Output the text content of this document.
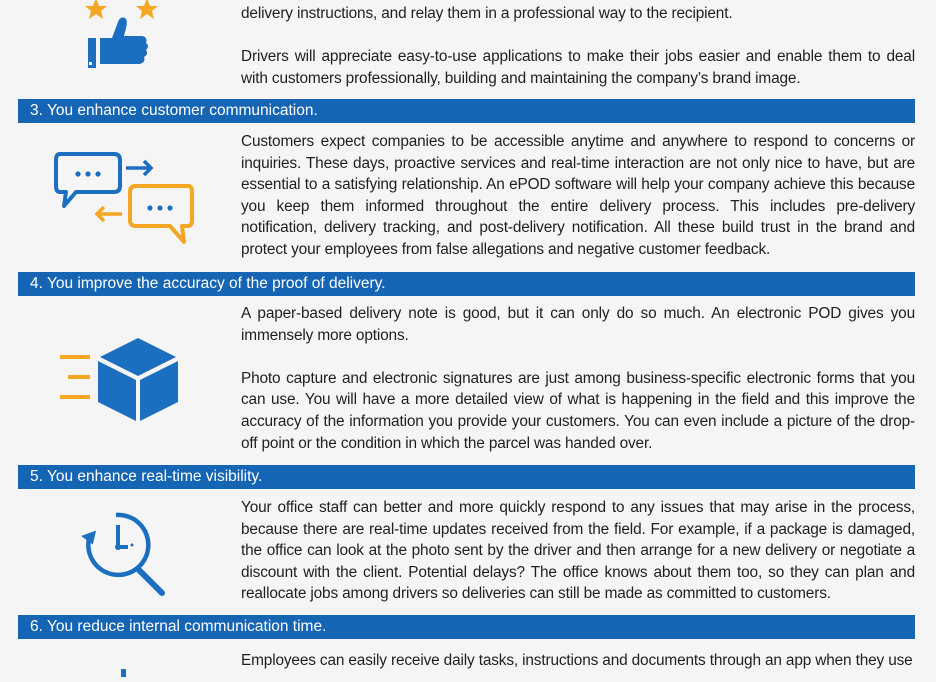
delivery instructions, and relay them in a professional way to the recipient.

Drivers will appreciate easy-to-use applications to make their jobs easier and enable them to deal with customers professionally, building and maintaining the company’s brand image.

3. You enhance customer communication.

Customers expect companies to be accessible anytime and anywhere to respond to concerns or inquiries. These days, proactive services and real-time interaction are not only nice to have, but are essential to a satisfying relationship. An ePOD software will help your company achieve this because you keep them informed throughout the entire delivery process. This includes pre-delivery notification, delivery tracking, and post-delivery notification. All these build trust in the brand and protect your employees from false allegations and negative customer feedback.

4. You improve the accuracy of the proof of delivery.

A paper-based delivery note is good, but it can only do so much. An electronic POD gives you immensely more options.

Photo capture and electronic signatures are just among business-specific electronic forms that you can use. You will have a more detailed view of what is happening in the field and this improve the accuracy of the information you provide your customers. You can even include a picture of the drop-off point or the condition in which the parcel was handed over.

5. You enhance real-time visibility.

Your office staff can better and more quickly respond to any issues that may arise in the process, because there are real-time updates received from the field. For example, if a package is damaged, the office can look at the photo sent by the driver and then arrange for a new delivery or negotiate a discount with the client. Potential delays? The office knows about them too, so they can plan and reallocate jobs among drivers so deliveries can still be made as committed to customers.

6. You reduce internal communication time.

Employees can easily receive daily tasks, instructions and documents through an app when they use
